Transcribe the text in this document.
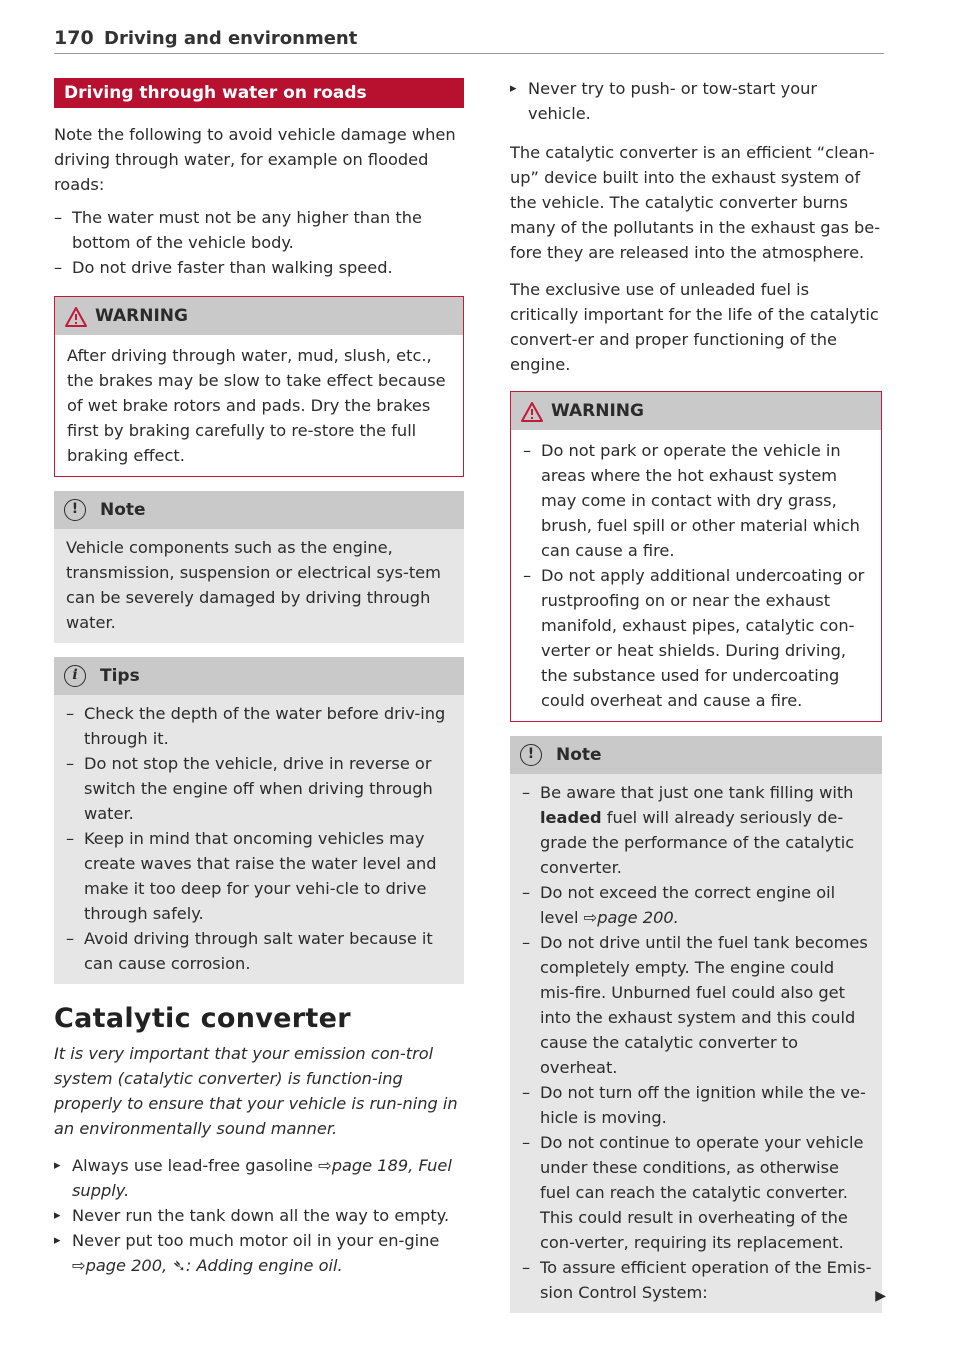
170 Driving and environment
Driving through water on roads

Note the following to avoid vehicle damage when driving through water, for example on flooded roads:

– The water must not be any higher than the bottom of the vehicle body.

– Do not drive faster than walking speed.

WARNING

After driving through water, mud, slush, etc., the brakes may be slow to take effect because of wet brake rotors and pads. Dry the brakes first by braking carefully to re-store the full braking effect.

!	Note

Vehicle components such as the engine, transmission, suspension or electrical sys-tem can be severely damaged by driving through water.

i	Tips

– Check the depth of the water before driv-ing through it.

– Do not stop the vehicle, drive in reverse or switch the engine off when driving through water.

– Keep in mind that oncoming vehicles may create waves that raise the water level and make it too deep for your vehi-cle to drive through safely.

– Avoid driving through salt water because it can cause corrosion.

Catalytic converter

It is very important that your emission con-trol system (catalytic converter) is function-ing properly to ensure that your vehicle is run-ning in an environmentally sound manner.

▸ Always use lead-free gasoline ⇨page 189, Fuel supply.

▸ Never run the tank down all the way to empty.

▸ Never put too much motor oil in your en-gine ⇨page 200, ➴: Adding engine oil.

▸ Never try to push- or tow-start your vehicle.

The catalytic converter is an efficient “clean-up” device built into the exhaust system of the vehicle. The catalytic converter burns many of the pollutants in the exhaust gas be-fore they are released into the atmosphere.

The exclusive use of unleaded fuel is critically important for the life of the catalytic convert-er and proper functioning of the engine.

WARNING

– Do not park or operate the vehicle in areas where the hot exhaust system may come in contact with dry grass, brush, fuel spill or other material which can cause a fire.

– Do not apply additional undercoating or rustproofing on or near the exhaust manifold, exhaust pipes, catalytic con-verter or heat shields. During driving, the substance used for undercoating could overheat and cause a fire.

!	Note

– Be aware that just one tank filling with leaded fuel will already seriously de-grade the performance of the catalytic converter.

– Do not exceed the correct engine oil level ⇨page 200.

– Do not drive until the fuel tank becomes completely empty. The engine could mis-fire. Unburned fuel could also get into the exhaust system and this could cause the catalytic converter to overheat.

– Do not turn off the ignition while the ve-hicle is moving.

– Do not continue to operate your vehicle under these conditions, as otherwise fuel can reach the catalytic converter. This could result in overheating of the con-verter, requiring its replacement.

– To assure efficient operation of the Emis-sion Control System:	▶
